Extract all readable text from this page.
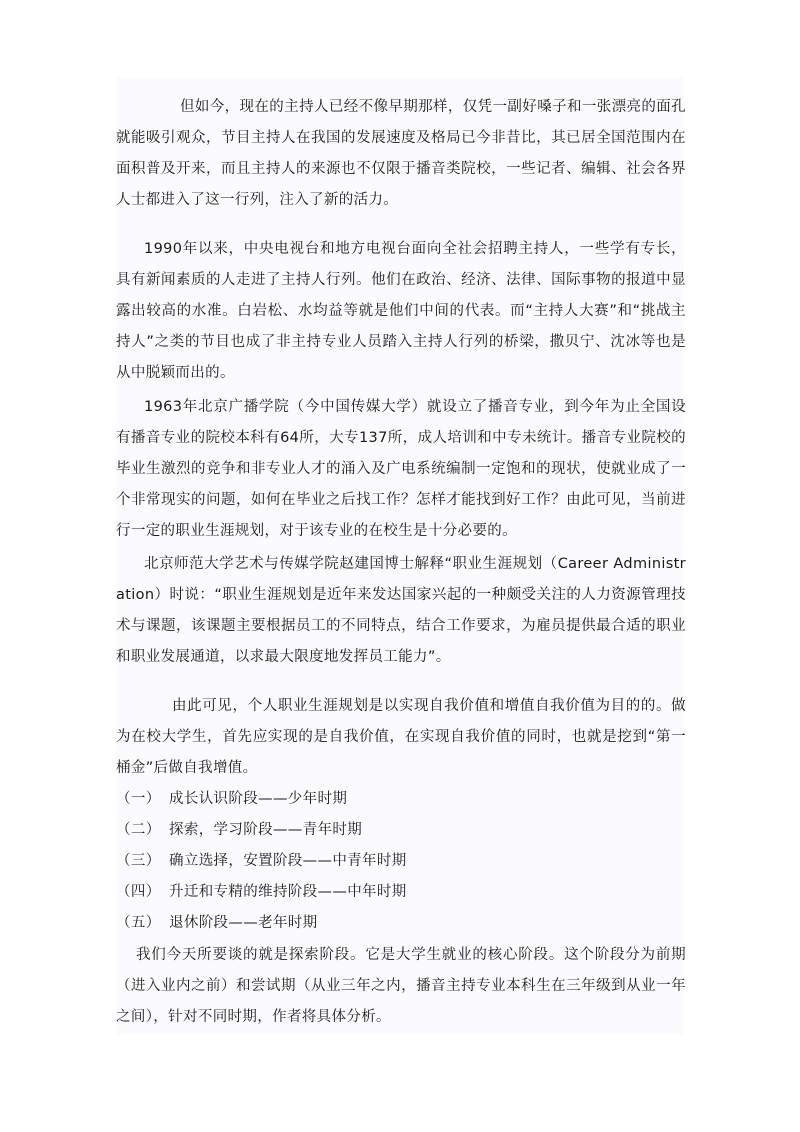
但如今，现在的主持人已经不像早期那样，仅凭一副好嗓子和一张漂亮的面孔就能吸引观众，节目主持人在我国的发展速度及格局已今非昔比，其已居全国范围内在面积普及开来，而且主持人的来源也不仅限于播音类院校，一些记者、编辑、社会各界人士都进入了这一行列，注入了新的活力。

1990年以来，中央电视台和地方电视台面向全社会招聘主持人，一些学有专长，具有新闻素质的人走进了主持人行列。他们在政治、经济、法律、国际事物的报道中显露出较高的水准。白岩松、水均益等就是他们中间的代表。而“主持人大赛”和“挑战主持人”之类的节目也成了非主持专业人员踏入主持人行列的桥梁，撒贝宁、沈冰等也是从中脱颖而出的。

1963年北京广播学院（今中国传媒大学）就设立了播音专业，到今年为止全国设有播音专业的院校本科有64所，大专137所，成人培训和中专未统计。播音专业院校的毕业生激烈的竞争和非专业人才的涌入及广电系统编制一定饱和的现状，使就业成了一个非常现实的问题，如何在毕业之后找工作？怎样才能找到好工作？由此可见，当前进行一定的职业生涯规划，对于该专业的在校生是十分必要的。

北京师范大学艺术与传媒学院赵建国博士解释“职业生涯规划（Career Administration）时说：“职业生涯规划是近年来发达国家兴起的一种颇受关注的人力资源管理技术与课题，该课题主要根据员工的不同特点，结合工作要求，为雇员提供最合适的职业和职业发展通道，以求最大限度地发挥员工能力”。

由此可见，个人职业生涯规划是以实现自我价值和增值自我价值为目的的。做为在校大学生，首先应实现的是自我价值，在实现自我价值的同时，也就是挖到“第一桶金”后做自我增值。

（一） 成长认识阶段——少年时期
（二） 探索，学习阶段——青年时期
（三） 确立选择，安置阶段——中青年时期
（四） 升迁和专精的维持阶段——中年时期
（五） 退休阶段——老年时期

我们今天所要谈的就是探索阶段。它是大学生就业的核心阶段。这个阶段分为前期（进入业内之前）和尝试期（从业三年之内，播音主持专业本科生在三年级到从业一年之间），针对不同时期，作者将具体分析。
